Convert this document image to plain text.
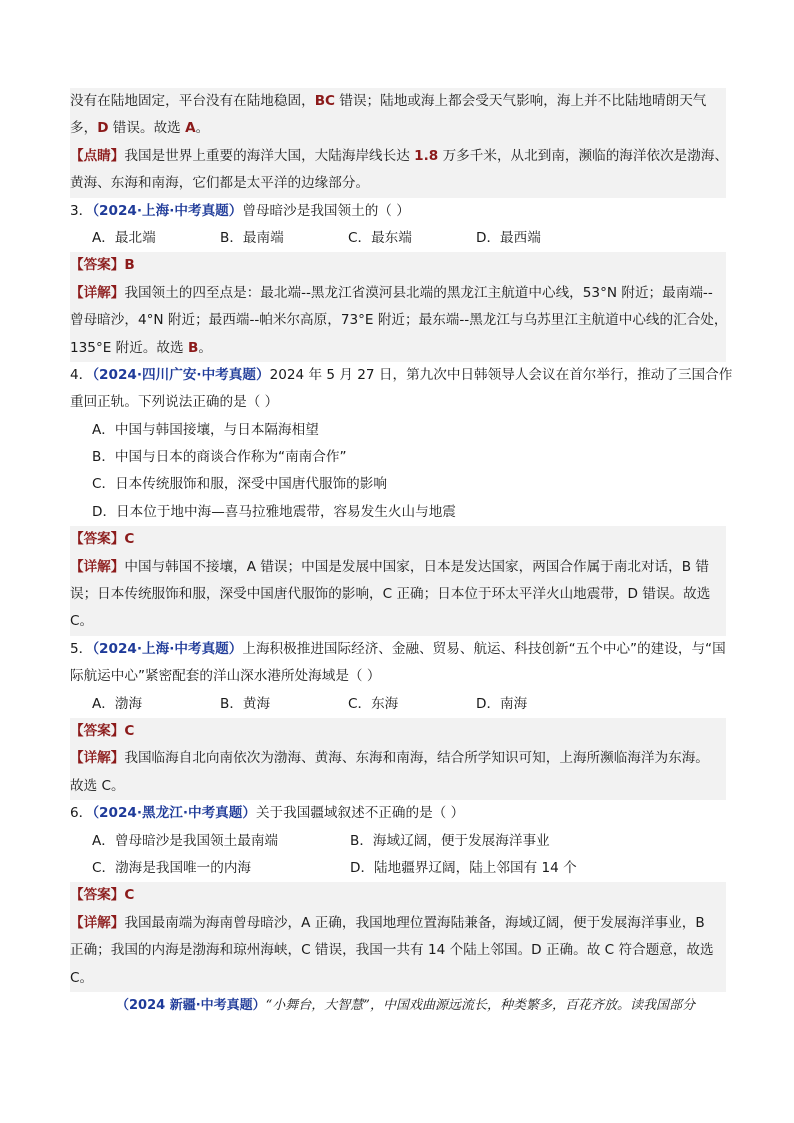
没有在陆地固定，平台没有在陆地稳固，BC 错误；陆地或海上都会受天气影响，海上并不比陆地晴朗天气
多，D 错误。故选 A。
【点睛】我国是世界上重要的海洋大国，大陆海岸线长达 1.8 万多千米，从北到南，濒临的海洋依次是渤海、
黄海、东海和南海，它们都是太平洋的边缘部分。
3．（2024·上海·中考真题）曾母暗沙是我国领土的（ ）
A．最北端	B．最南端	C．最东端	D．最西端
【答案】B
【详解】我国领土的四至点是：最北端--黑龙江省漠河县北端的黑龙江主航道中心线，53°N 附近；最南端--
曾母暗沙，4°N 附近；最西端--帕米尔高原，73°E 附近；最东端--黑龙江与乌苏里江主航道中心线的汇合处，
135°E 附近。故选 B。
4．（2024·四川广安·中考真题）2024 年 5 月 27 日，第九次中日韩领导人会议在首尔举行，推动了三国合作
重回正轨。下列说法正确的是（ ）
A．中国与韩国接壤，与日本隔海相望
B．中国与日本的商谈合作称为“南南合作”
C．日本传统服饰和服，深受中国唐代服饰的影响
D．日本位于地中海—喜马拉雅地震带，容易发生火山与地震
【答案】C
【详解】中国与韩国不接壤，A 错误；中国是发展中国家，日本是发达国家，两国合作属于南北对话，B 错
误；日本传统服饰和服，深受中国唐代服饰的影响，C 正确；日本位于环太平洋火山地震带，D 错误。故选
C。
5．（2024·上海·中考真题）上海积极推进国际经济、金融、贸易、航运、科技创新“五个中心”的建设，与“国
际航运中心”紧密配套的洋山深水港所处海域是（ ）
A．渤海	B．黄海	C．东海	D．南海
【答案】C
【详解】我国临海自北向南依次为渤海、黄海、东海和南海，结合所学知识可知，上海所濒临海洋为东海。
故选 C。
6．（2024·黑龙江·中考真题）关于我国疆域叙述不正确的是（ ）
A．曾母暗沙是我国领土最南端	B．海域辽阔，便于发展海洋事业
C．渤海是我国唯一的内海	D．陆地疆界辽阔，陆上邻国有 14 个
【答案】C
【详解】我国最南端为海南曾母暗沙，A 正确，我国地理位置海陆兼备，海域辽阔，便于发展海洋事业，B
正确；我国的内海是渤海和琼州海峡，C 错误，我国一共有 14 个陆上邻国。D 正确。故 C 符合题意，故选
C。
（2024 新疆·中考真题）“小舞台，大智慧”，中国戏曲源远流长，种类繁多，百花齐放。读我国部分
